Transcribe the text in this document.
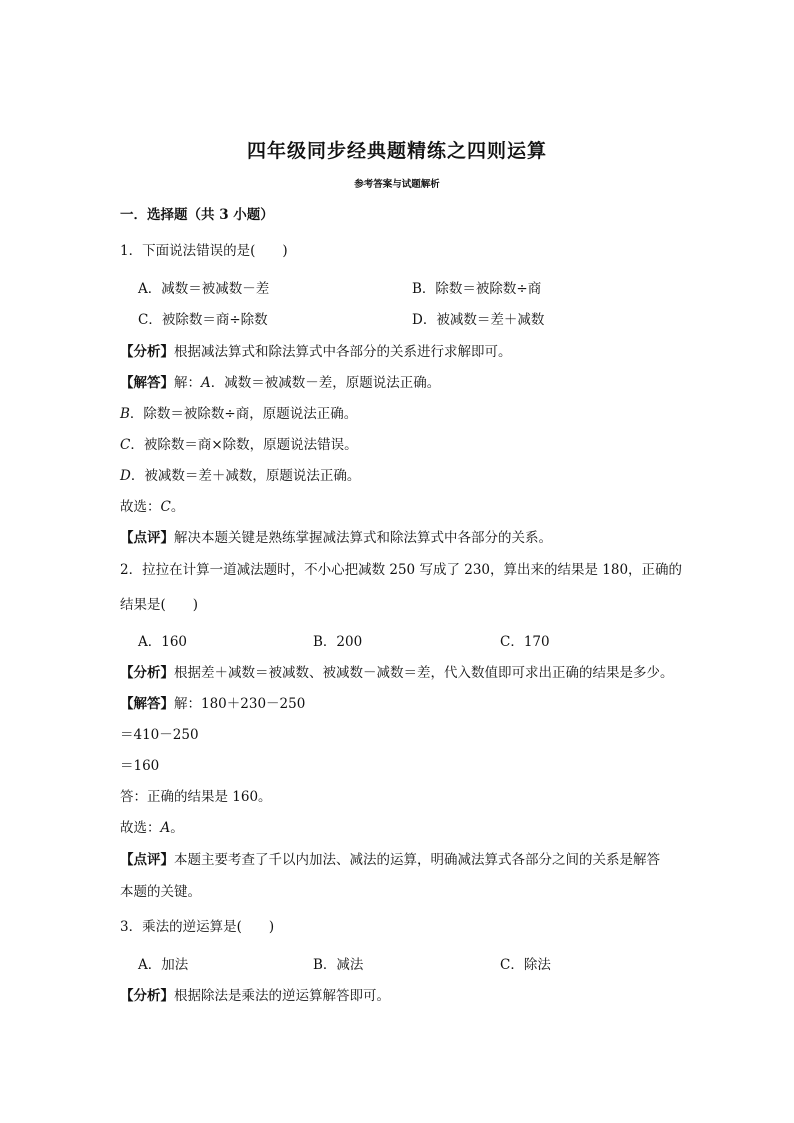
四年级同步经典题精练之四则运算
参考答案与试题解析
一．选择题（共 3 小题）
1．下面说法错误的是(　　)
A．减数＝被减数－差	B．除数＝被除数÷商
C．被除数＝商÷除数	D．被减数＝差＋减数
【分析】根据减法算式和除法算式中各部分的关系进行求解即可。
【解答】解：A．减数＝被减数－差，原题说法正确。
B．除数＝被除数÷商，原题说法正确。
C．被除数＝商×除数，原题说法错误。
D．被减数＝差＋减数，原题说法正确。
故选：C。
【点评】解决本题关键是熟练掌握减法算式和除法算式中各部分的关系。
2．拉拉在计算一道减法题时，不小心把减数 250 写成了 230，算出来的结果是 180，正确的
结果是(　　)
A．160	B．200	C．170
【分析】根据差＋减数＝被减数、被减数－减数＝差，代入数值即可求出正确的结果是多少。
【解答】解：180＋230－250
＝410－250
＝160
答：正确的结果是 160。
故选：A。
【点评】本题主要考查了千以内加法、减法的运算，明确减法算式各部分之间的关系是解答
本题的关键。
3．乘法的逆运算是(　　)
A．加法	B．减法	C．除法
【分析】根据除法是乘法的逆运算解答即可。
